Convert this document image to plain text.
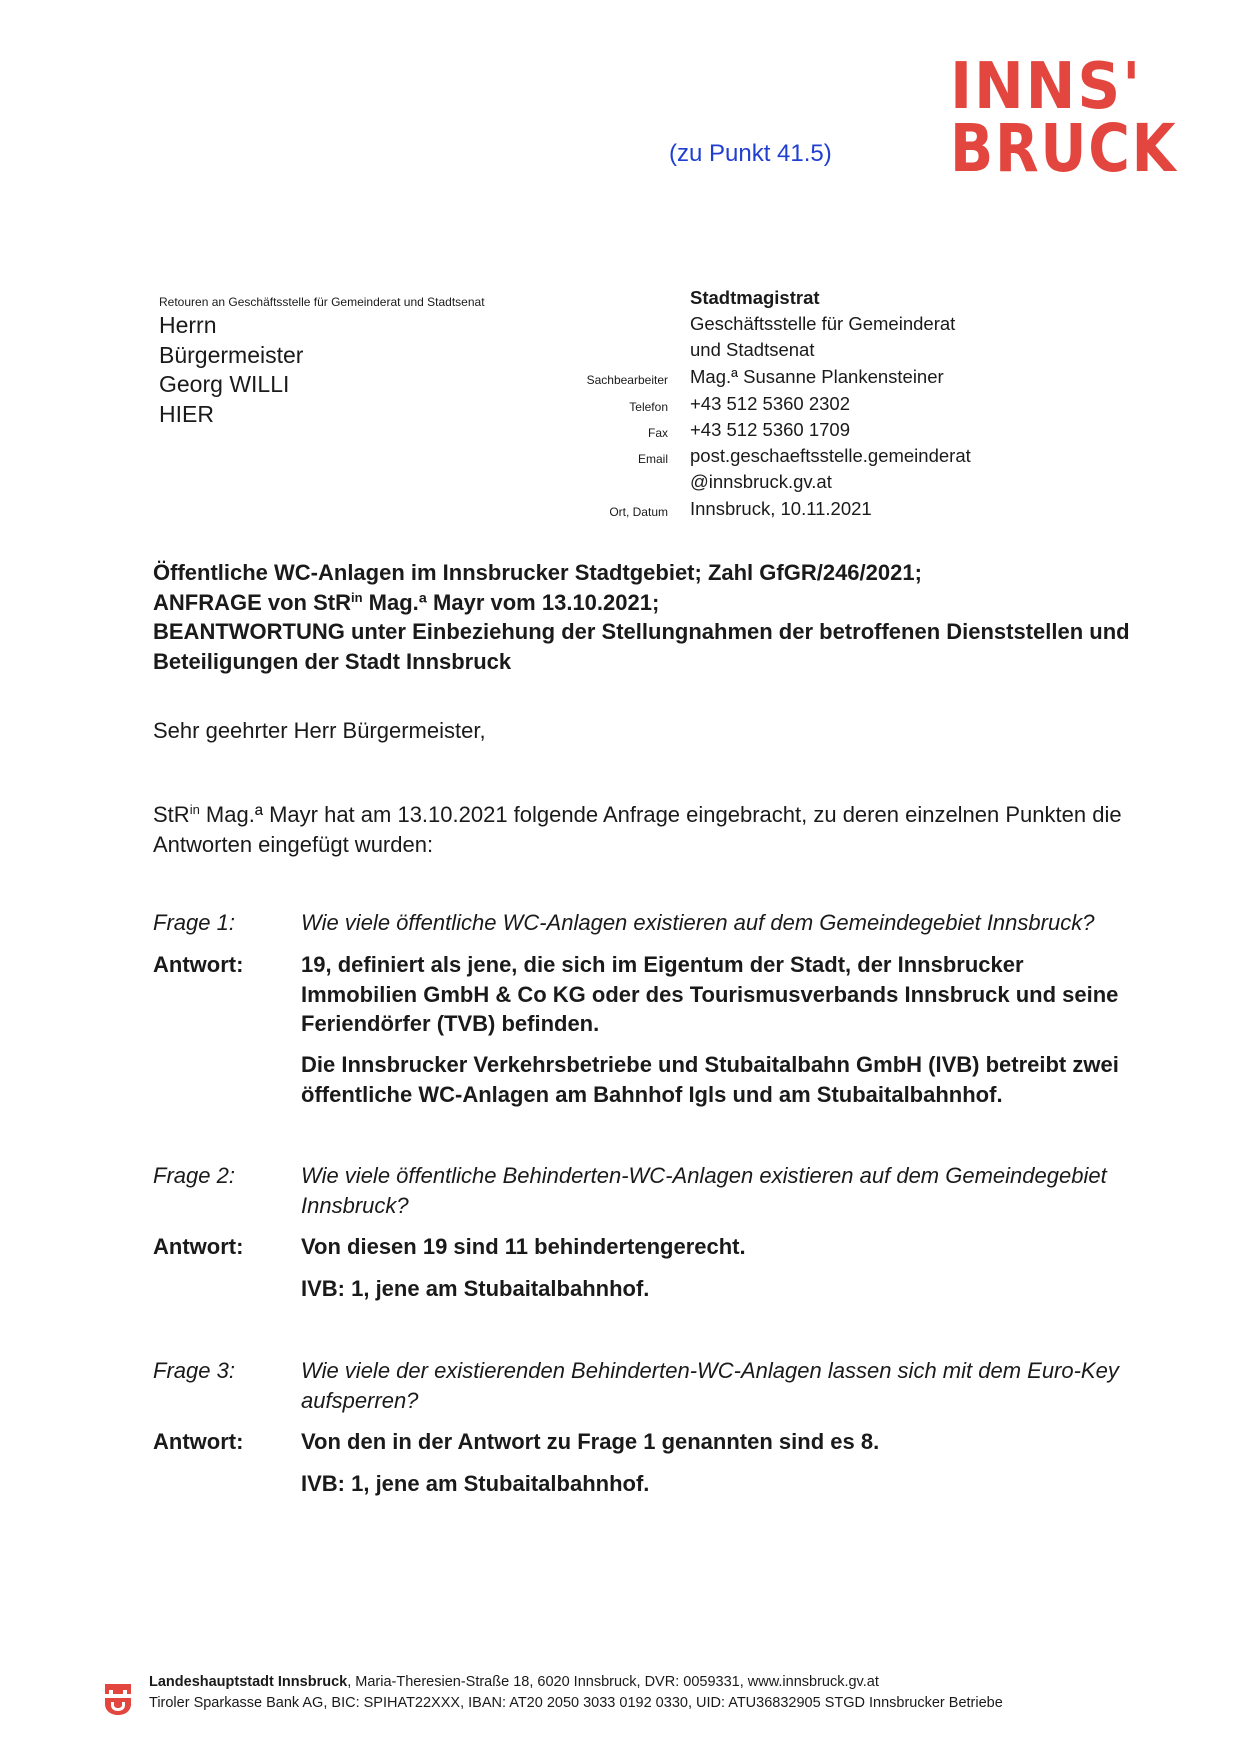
(zu Punkt 41.5)
INNS'
BRUCK
Retouren an Geschäftsstelle für Gemeinderat und Stadtsenat
Herrn
Bürgermeister
Georg WILLI
HIER
Stadtmagistrat
Geschäftsstelle für Gemeinderat
und Stadtsenat
Sachbearbeiter Mag.ª Susanne Plankensteiner
Telefon +43 512 5360 2302
Fax +43 512 5360 1709
Email post.geschaeftsstelle.gemeinderat
@innsbruck.gv.at
Ort, Datum Innsbruck, 10.11.2021
Öffentliche WC-Anlagen im Innsbrucker Stadtgebiet; Zahl GfGR/246/2021;
ANFRAGE von StR$^{in}$ Mag.ª Mayr vom 13.10.2021;
BEANTWORTUNG unter Einbeziehung der Stellungnahmen der betroffenen Dienststellen und Beteiligungen der Stadt Innsbruck
Sehr geehrter Herr Bürgermeister,
StR$^{in}$ Mag.ª Mayr hat am 13.10.2021 folgende Anfrage eingebracht, zu deren einzelnen Punkten die Antworten eingefügt wurden:
Frage 1:	Wie viele öffentliche WC-Anlagen existieren auf dem Gemeindegebiet Innsbruck?
Antwort:	19, definiert als jene, die sich im Eigentum der Stadt, der Innsbrucker Immobilien GmbH & Co KG oder des Tourismusverbands Innsbruck und seine Feriendörfer (TVB) befinden.
Die Innsbrucker Verkehrsbetriebe und Stubaitalbahn GmbH (IVB) betreibt zwei öffentliche WC-Anlagen am Bahnhof Igls und am Stubaitalbahnhof.
Frage 2:	Wie viele öffentliche Behinderten-WC-Anlagen existieren auf dem Gemeindegebiet Innsbruck?
Antwort:	Von diesen 19 sind 11 behindertengerecht.
IVB: 1, jene am Stubaitalbahnhof.
Frage 3:	Wie viele der existierenden Behinderten-WC-Anlagen lassen sich mit dem Euro-Key aufsperren?
Antwort:	Von den in der Antwort zu Frage 1 genannten sind es 8.
IVB: 1, jene am Stubaitalbahnhof.
Landeshauptstadt Innsbruck, Maria-Theresien-Straße 18, 6020 Innsbruck, DVR: 0059331, www.innsbruck.gv.at
Tiroler Sparkasse Bank AG, BIC: SPIHAT22XXX, IBAN: AT20 2050 3033 0192 0330, UID: ATU36832905 STGD Innsbrucker Betriebe
